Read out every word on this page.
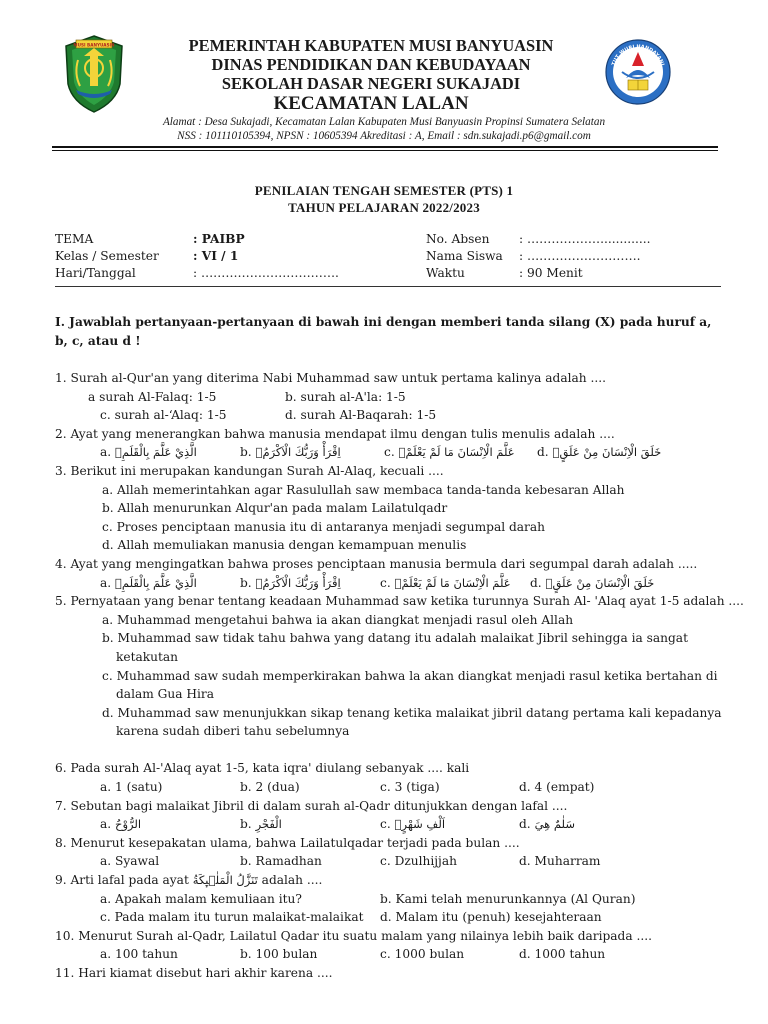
MUSI BANYUASIN	PEMERINTAH KABUPATEN MUSI BANYUASIN

DINAS PENDIDIKAN DAN KEBUDAYAAN

SEKOLAH DASAR NEGERI SUKAJADI

KECAMATAN LALAN

TUT WURI HANDAYANI
Alamat : Desa Sukajadi, Kecamatan Lalan Kabupaten Musi Banyuasin Propinsi Sumatera Selatan
NSS : 101110105394, NPSN : 10605394 Akreditasi : A, Email : sdn.sukajadi.p6@gmail.com
PENILAIAN TENGAH SEMESTER (PTS) 1
TAHUN PELAJARAN 2022/2023
TEMA	: PAIBP	No. Absen : ……………….............
Kelas / Semester	: VI / 1	Nama Siswa : ……………………….
Hari/Tanggal	: …………………………….	Waktu	: 90 Menit
I. Jawablah pertanyaan-pertanyaan di bawah ini dengan memberi tanda silang (X) pada huruf a, b, c, atau d !
1. Surah al-Qur'an yang diterima Nabi Muhammad saw untuk pertama kalinya adalah ....
a surah Al-Falaq: 1-5	b. surah al-A'la: 1-5
c. surah al-‘Alaq: 1-5	d. surah Al-Baqarah: 1-5
2. Ayat yang menerangkan bahwa manusia mendapat ilmu dengan tulis menulis adalah ....
a. الَّذِيْ عَلَّمَ بِالْقَلَمِۙ	b. اِقْرَأْ وَرَبُّكَ الْاَكْرَمُۙ	c. عَلَّمَ الْاِنْسَانَ مَا لَمْ يَعْلَمْۗ d. خَلَقَ الْاِنْسَانَ مِنْ عَلَقٍۚ
3. Berikut ini merupakan kandungan Surah Al-Alaq, kecuali ....
a. Allah memerintahkan agar Rasulullah saw membaca tanda-tanda kebesaran Allah
b. Allah menurunkan Alqur'an pada malam Lailatulqadr
c. Proses penciptaan manusia itu di antaranya menjadi segumpal darah
d. Allah memuliakan manusia dengan kemampuan menulis
4. Ayat yang mengingatkan bahwa proses penciptaan manusia bermula dari segumpal darah adalah .....
a. الَّذِيْ عَلَّمَ بِالْقَلَمِۙ	b. اِقْرَأْ وَرَبُّكَ الْاَكْرَمُۙ	c. عَلَّمَ الْاِنْسَانَ مَا لَمْ يَعْلَمْۗ d. خَلَقَ الْاِنْسَانَ مِنْ عَلَقٍۚ
5. Pernyataan yang benar tentang keadaan Muhammad saw ketika turunnya Surah Al- 'Alaq ayat 1-5 adalah ....
a. Muhammad mengetahui bahwa ia akan diangkat menjadi rasul oleh Allah
b. Muhammad saw tidak tahu bahwa yang datang itu adalah malaikat Jibril sehingga ia sangat ketakutan
c. Muhammad saw sudah memperkirakan bahwa la akan diangkat menjadi rasul ketika bertahan di dalam Gua Hira
d. Muhammad saw menunjukkan sikap tenang ketika malaikat jibril datang pertama kali kepadanya karena sudah diberi tahu sebelumnya
6. Pada surah Al-'Alaq ayat 1-5, kata iqra' diulang sebanyak .... kali
a. 1 (satu)	b. 2 (dua)	c. 3 (tiga)	d. 4 (empat)
7. Sebutan bagi malaikat Jibril di dalam surah al-Qadr ditunjukkan dengan lafal ....
a. الرُّوْحُ	b. الْفَجْرِ	c. اَلْفِ شَهْرٍۗ	d. سَلٰمٌ هِيَ
8. Menurut kesepakatan ulama, bahwa Lailatulqadar terjadi pada bulan ....
a. Syawal	b. Ramadhan	c. Dzulhijjah	d. Muharram
9. Arti lafal pada ayat تَنَزَّلُ الْمَلٰۤىِٕكَةُ adalah ....
a. Apakah malam kemuliaan itu?	b. Kami telah menurunkannya (Al Quran)
c. Pada malam itu turun malaikat-malaikat d. Malam itu (penuh) kesejahteraan
10. Menurut Surah al-Qadr, Lailatul Qadar itu suatu malam yang nilainya lebih baik daripada ....
a. 100 tahun	b. 100 bulan	c. 1000 bulan	d. 1000 tahun
11. Hari kiamat disebut hari akhir karena ....
